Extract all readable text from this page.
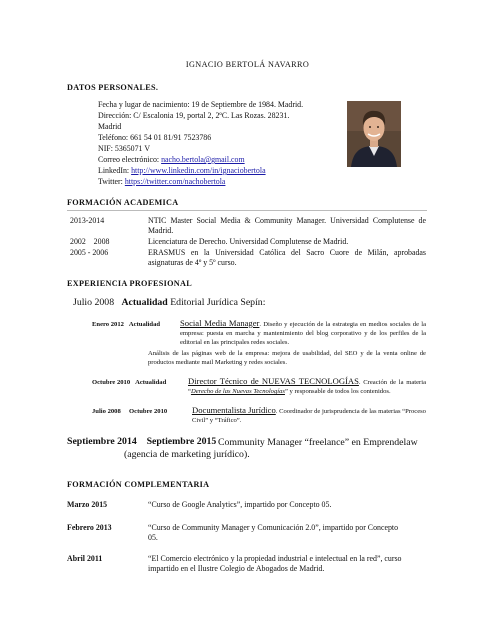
IGNACIO BERTOLÁ NAVARRO
DATOS PERSONALES.
Fecha y lugar de nacimiento: 19 de Septiembre de 1984. Madrid.
Dirección: C/ Escalonia 19, portal 2, 2ºC. Las Rozas. 28231.
Madrid
Teléfono: 661 54 01 81/91 7523786
NIF: 5365071 V
Correo electrónico: nacho.bertola@gmail.com
LinkedIn: http://www.linkedin.com/in/ignaciobertola
Twitter: https://twitter.com/nachobertola
FORMACIÓN ACADEMICA
2013-2014	NTIC Master Social Media & Community Manager. Universidad Complutense de Madrid.
2002    2008	Licenciatura de Derecho. Universidad Complutense de Madrid.
2005 - 2006	ERASMUS en la Universidad Católica del Sacro Cuore de Milán, aprobadas asignaturas de 4º y 5º curso.
EXPERIENCIA PROFESIONAL
Julio 2008 Actualidad Editorial Jurídica Sepín:
Enero 2012 Actualidad Social Media Manager. Diseño y ejecución de la estrategia en medios sociales de la empresa: puesta en marcha y mantenimiento del blog corporativo y de los perfiles de la editorial en las principales redes sociales.
Análisis de las páginas web de la empresa: mejora de usabilidad, del SEO y de la venta online de productos mediante mail Marketing y redes sociales.
Octubre 2010 Actualidad	Director Técnico de NUEVAS TECNOLOGÍAS. Creación de la materia “Derecho de las Nuevas Tecnologías” y responsable de todos los contenidos.
Julio 2008 Octubre 2010	Documentalista Jurídico. Coordinador de jurisprudencia de las materias “Proceso Civil” y “Tráfico”.
Septiembre 2014 Septiembre 2015 Community Manager “freelance” en Emprendelaw (agencia de marketing jurídico).
FORMACIÓN COMPLEMENTARIA
Marzo 2015	“Curso de Google Analytics”, impartido por Concepto 05.
Febrero 2013	“Curso de Community Manager y Comunicación 2.0”, impartido por Concepto 05.
Abril 2011	“El Comercio electrónico y la propiedad industrial e intelectual en la red”, curso impartido en el Ilustre Colegio de Abogados de Madrid.
